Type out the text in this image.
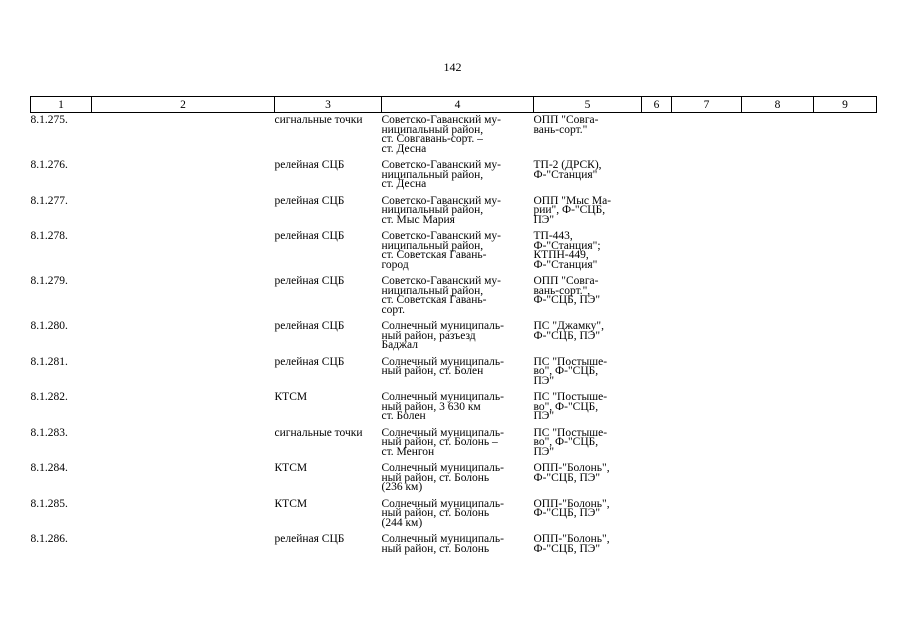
142
1	2	3	4	5	6	7	8	9
8.1.275.		сигнальные точки	Советско-Гаванский му-
ниципальный район,
ст. Совгавань-сорт. –
ст. Десна	ОПП "Совга-
вань-сорт."				
8.1.276.		релейная СЦБ	Советско-Гаванский му-
ниципальный район,
ст. Десна	ТП-2 (ДРСК),
Ф-"Станция"				
8.1.277.		релейная СЦБ	Советско-Гаванский му-
ниципальный район,
ст. Мыс Мария	ОПП "Мыс Ма-
рии", Ф-"СЦБ,
ПЭ"				
8.1.278.		релейная СЦБ	Советско-Гаванский му-
ниципальный район,
ст. Советская Гавань-
город	ТП-443,
Ф-"Станция";
КТПН-449,
Ф-"Станция"				
8.1.279.		релейная СЦБ	Советско-Гаванский му-
ниципальный район,
ст. Советская Гавань-
сорт.	ОПП "Совга-
вань-сорт.",
Ф-"СЦБ, ПЭ"				
8.1.280.		релейная СЦБ	Солнечный муниципаль-
ный район, разъезд
Баджал	ПС "Джамку",
Ф-"СЦБ, ПЭ"				
8.1.281.		релейная СЦБ	Солнечный муниципаль-
ный район, ст. Болен	ПС "Постыше-
во", Ф-"СЦБ,
ПЭ"				
8.1.282.		КТСМ	Солнечный муниципаль-
ный район, 3 630 км
ст. Болен	ПС "Постыше-
во", Ф-"СЦБ,
ПЭ"				
8.1.283.		сигнальные точки	Солнечный муниципаль-
ный район, ст. Болонь –
ст. Менгон	ПС "Постыше-
во", Ф-"СЦБ,
ПЭ"				
8.1.284.		КТСМ	Солнечный муниципаль-
ный район, ст. Болонь
(236 км)	ОПП-"Болонь",
Ф-"СЦБ, ПЭ"				
8.1.285.		КТСМ	Солнечный муниципаль-
ный район, ст. Болонь
(244 км)	ОПП-"Болонь",
Ф-"СЦБ, ПЭ"				
8.1.286.		релейная СЦБ	Солнечный муниципаль-
ный район, ст. Болонь	ОПП-"Болонь",
Ф-"СЦБ, ПЭ"				
